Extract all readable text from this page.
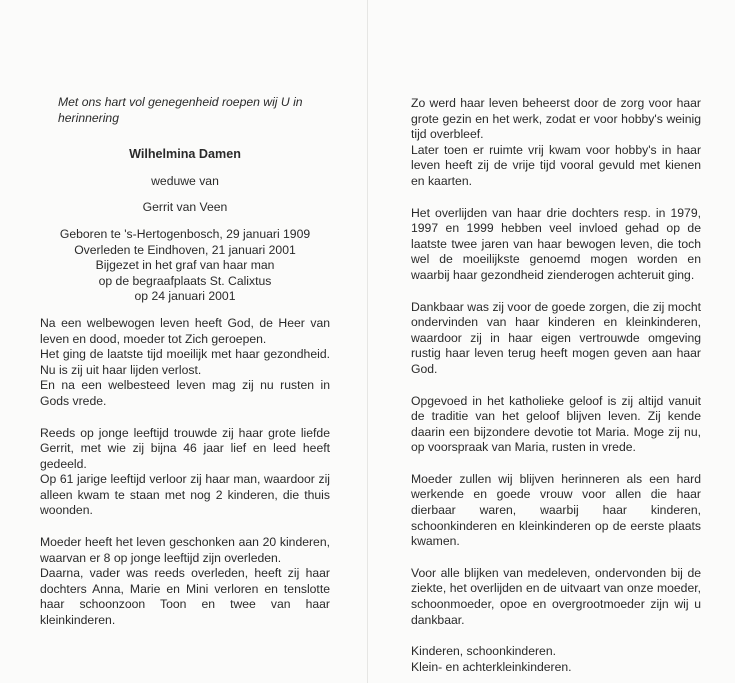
Met ons hart vol genegenheid roepen wij U in herinnering

Wilhelmina Damen

weduwe van

Gerrit van Veen

Geboren te 's-Hertogenbosch, 29 januari 1909
Overleden te Eindhoven, 21 januari 2001
Bijgezet in het graf van haar man
op de begraafplaats St. Calixtus
op 24 januari 2001

Na een welbewogen leven heeft God, de Heer van leven en dood, moeder tot Zich geroepen.

Het ging de laatste tijd moeilijk met haar gezondheid. Nu is zij uit haar lijden verlost.

En na een welbesteed leven mag zij nu rusten in Gods vrede.

Reeds op jonge leeftijd trouwde zij haar grote liefde Gerrit, met wie zij bijna 46 jaar lief en leed heeft gedeeld.

Op 61 jarige leeftijd verloor zij haar man, waardoor zij alleen kwam te staan met nog 2 kinderen, die thuis woonden.

Moeder heeft het leven geschonken aan 20 kinderen, waarvan er 8 op jonge leeftijd zijn overleden.

Daarna, vader was reeds overleden, heeft zij haar dochters Anna, Marie en Mini verloren en tenslotte haar schoonzoon Toon en twee van haar kleinkinderen.

Zo werd haar leven beheerst door de zorg voor haar grote gezin en het werk, zodat er voor hobby's weinig tijd overbleef.

Later toen er ruimte vrij kwam voor hobby's in haar leven heeft zij de vrije tijd vooral gevuld met kienen en kaarten.

Het overlijden van haar drie dochters resp. in 1979, 1997 en 1999 hebben veel invloed gehad op de laatste twee jaren van haar bewogen leven, die toch wel de moeilijkste genoemd mogen worden en waarbij haar gezondheid zienderogen achteruit ging.

Dankbaar was zij voor de goede zorgen, die zij mocht ondervinden van haar kinderen en kleinkinderen, waardoor zij in haar eigen vertrouwde omgeving rustig haar leven terug heeft mogen geven aan haar God.

Opgevoed in het katholieke geloof is zij altijd vanuit de traditie van het geloof blijven leven. Zij kende daarin een bijzondere devotie tot Maria. Moge zij nu, op voorspraak van Maria, rusten in vrede.

Moeder zullen wij blijven herinneren als een hard werkende en goede vrouw voor allen die haar dierbaar waren, waarbij haar kinderen, schoonkinderen en kleinkinderen op de eerste plaats kwamen.

Voor alle blijken van medeleven, ondervonden bij de ziekte, het overlijden en de uitvaart van onze moeder, schoonmoeder, opoe en overgrootmoeder zijn wij u dankbaar.

Kinderen, schoonkinderen.

Klein- en achterkleinkinderen.
